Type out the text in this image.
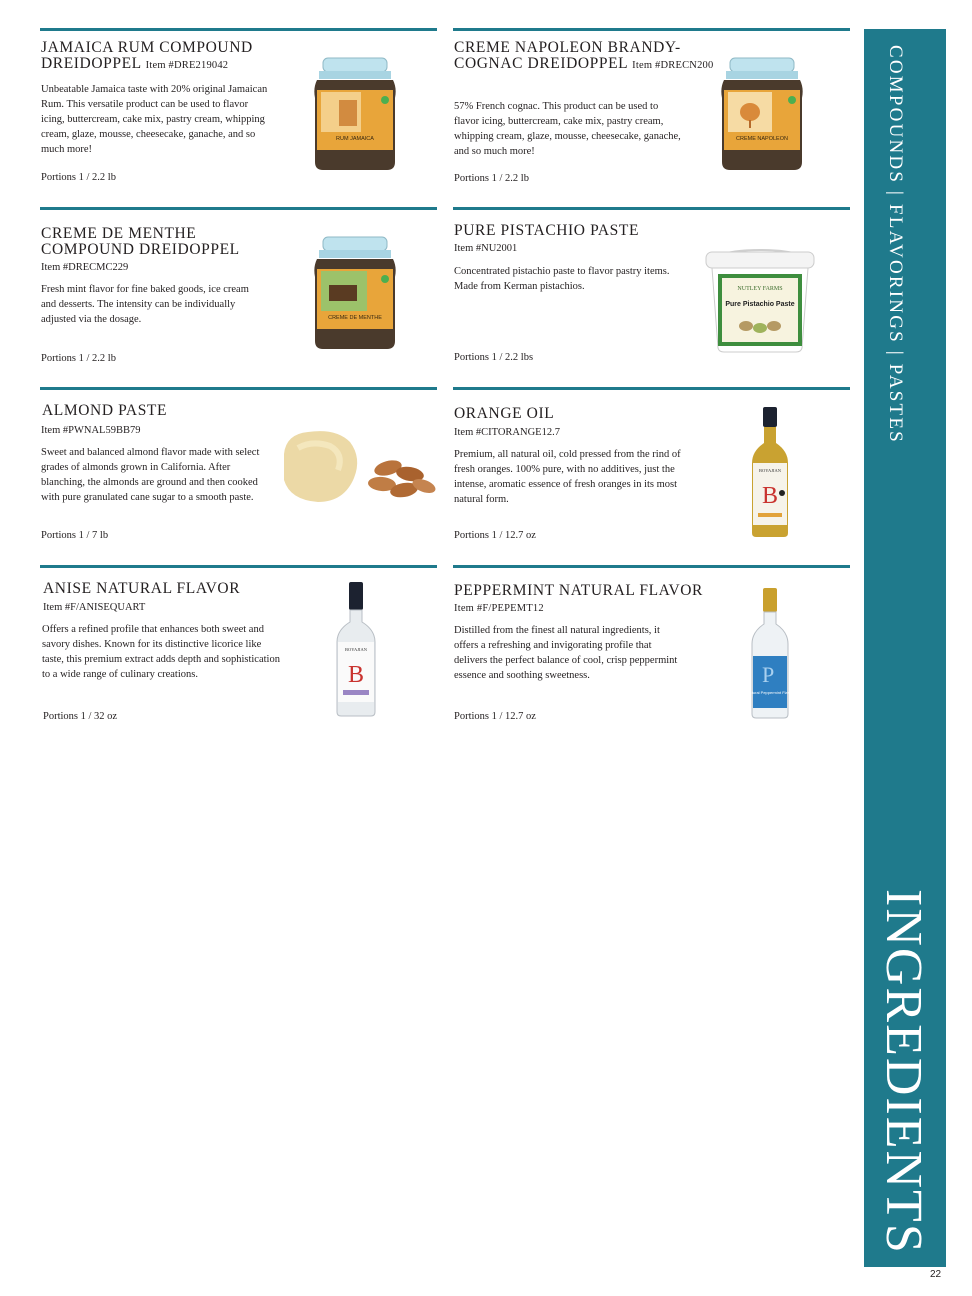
COMPOUNDS | FLAVORINGS | PASTES
INGREDIENTS
22
JAMAICA RUM COMPOUND DREIDOPPEL Item #DRE219042

Unbeatable Jamaica taste with 20% original Jamaican Rum. This versatile product can be used to flavor icing, buttercream, cake mix, pastry cream, whipping cream, glaze, mousse, cheesecake, ganache, and so much more!

Portions 1 / 2.2 lb
RUM JAMAICA
CREME NAPOLEON BRANDY-COGNAC DREIDOPPEL Item #DRECN200

57% French cognac. This product can be used to flavor icing, buttercream, cake mix, pastry cream, whipping cream, glaze, mousse, cheesecake, ganache, and so much more!

Portions 1 / 2.2 lb
CREME NAPOLEON
CREME DE MENTHE COMPOUND DREIDOPPEL
Item #DRECMC229

Fresh mint flavor for fine baked goods, ice cream and desserts. The intensity can be individually adjusted via the dosage.

Portions 1 / 2.2 lb
CREME DE MENTHE
PURE PISTACHIO PASTE
Item #NU2001

Concentrated pistachio paste to flavor pastry items. Made from Kerman pistachios.

Portions 1 / 2.2 lbs
NUTLEY FARMS
Pure Pistachio Paste
ALMOND PASTE
Item #PWNAL59BB79

Sweet and balanced almond flavor made with select grades of almonds grown in California. After blanching, the almonds are ground and then cooked with pure granulated cane sugar to a smooth paste.

Portions 1 / 7 lb
ORANGE OIL
Item #CITORANGE12.7

Premium, all natural oil, cold pressed from the rind of fresh oranges. 100% pure, with no additives, just the intense, aromatic essence of fresh oranges in its most natural form.

Portions 1 / 12.7 oz
BOYAJIAN
B
ANISE NATURAL FLAVOR
Item #F/ANISEQUART

Offers a refined profile that enhances both sweet and savory dishes. Known for its distinctive licorice like taste, this premium extract adds depth and sophistication to a wide range of culinary creations.

Portions 1 / 32 oz
BOYAJIAN
B
PEPPERMINT NATURAL FLAVOR Item #F/PEPEMT12

Distilled from the finest all natural ingredients, it offers a refreshing and invigorating profile that delivers the perfect balance of cool, crisp peppermint essence and soothing sweetness.

Portions 1 / 12.7 oz
P
Natural Peppermint Flavor
